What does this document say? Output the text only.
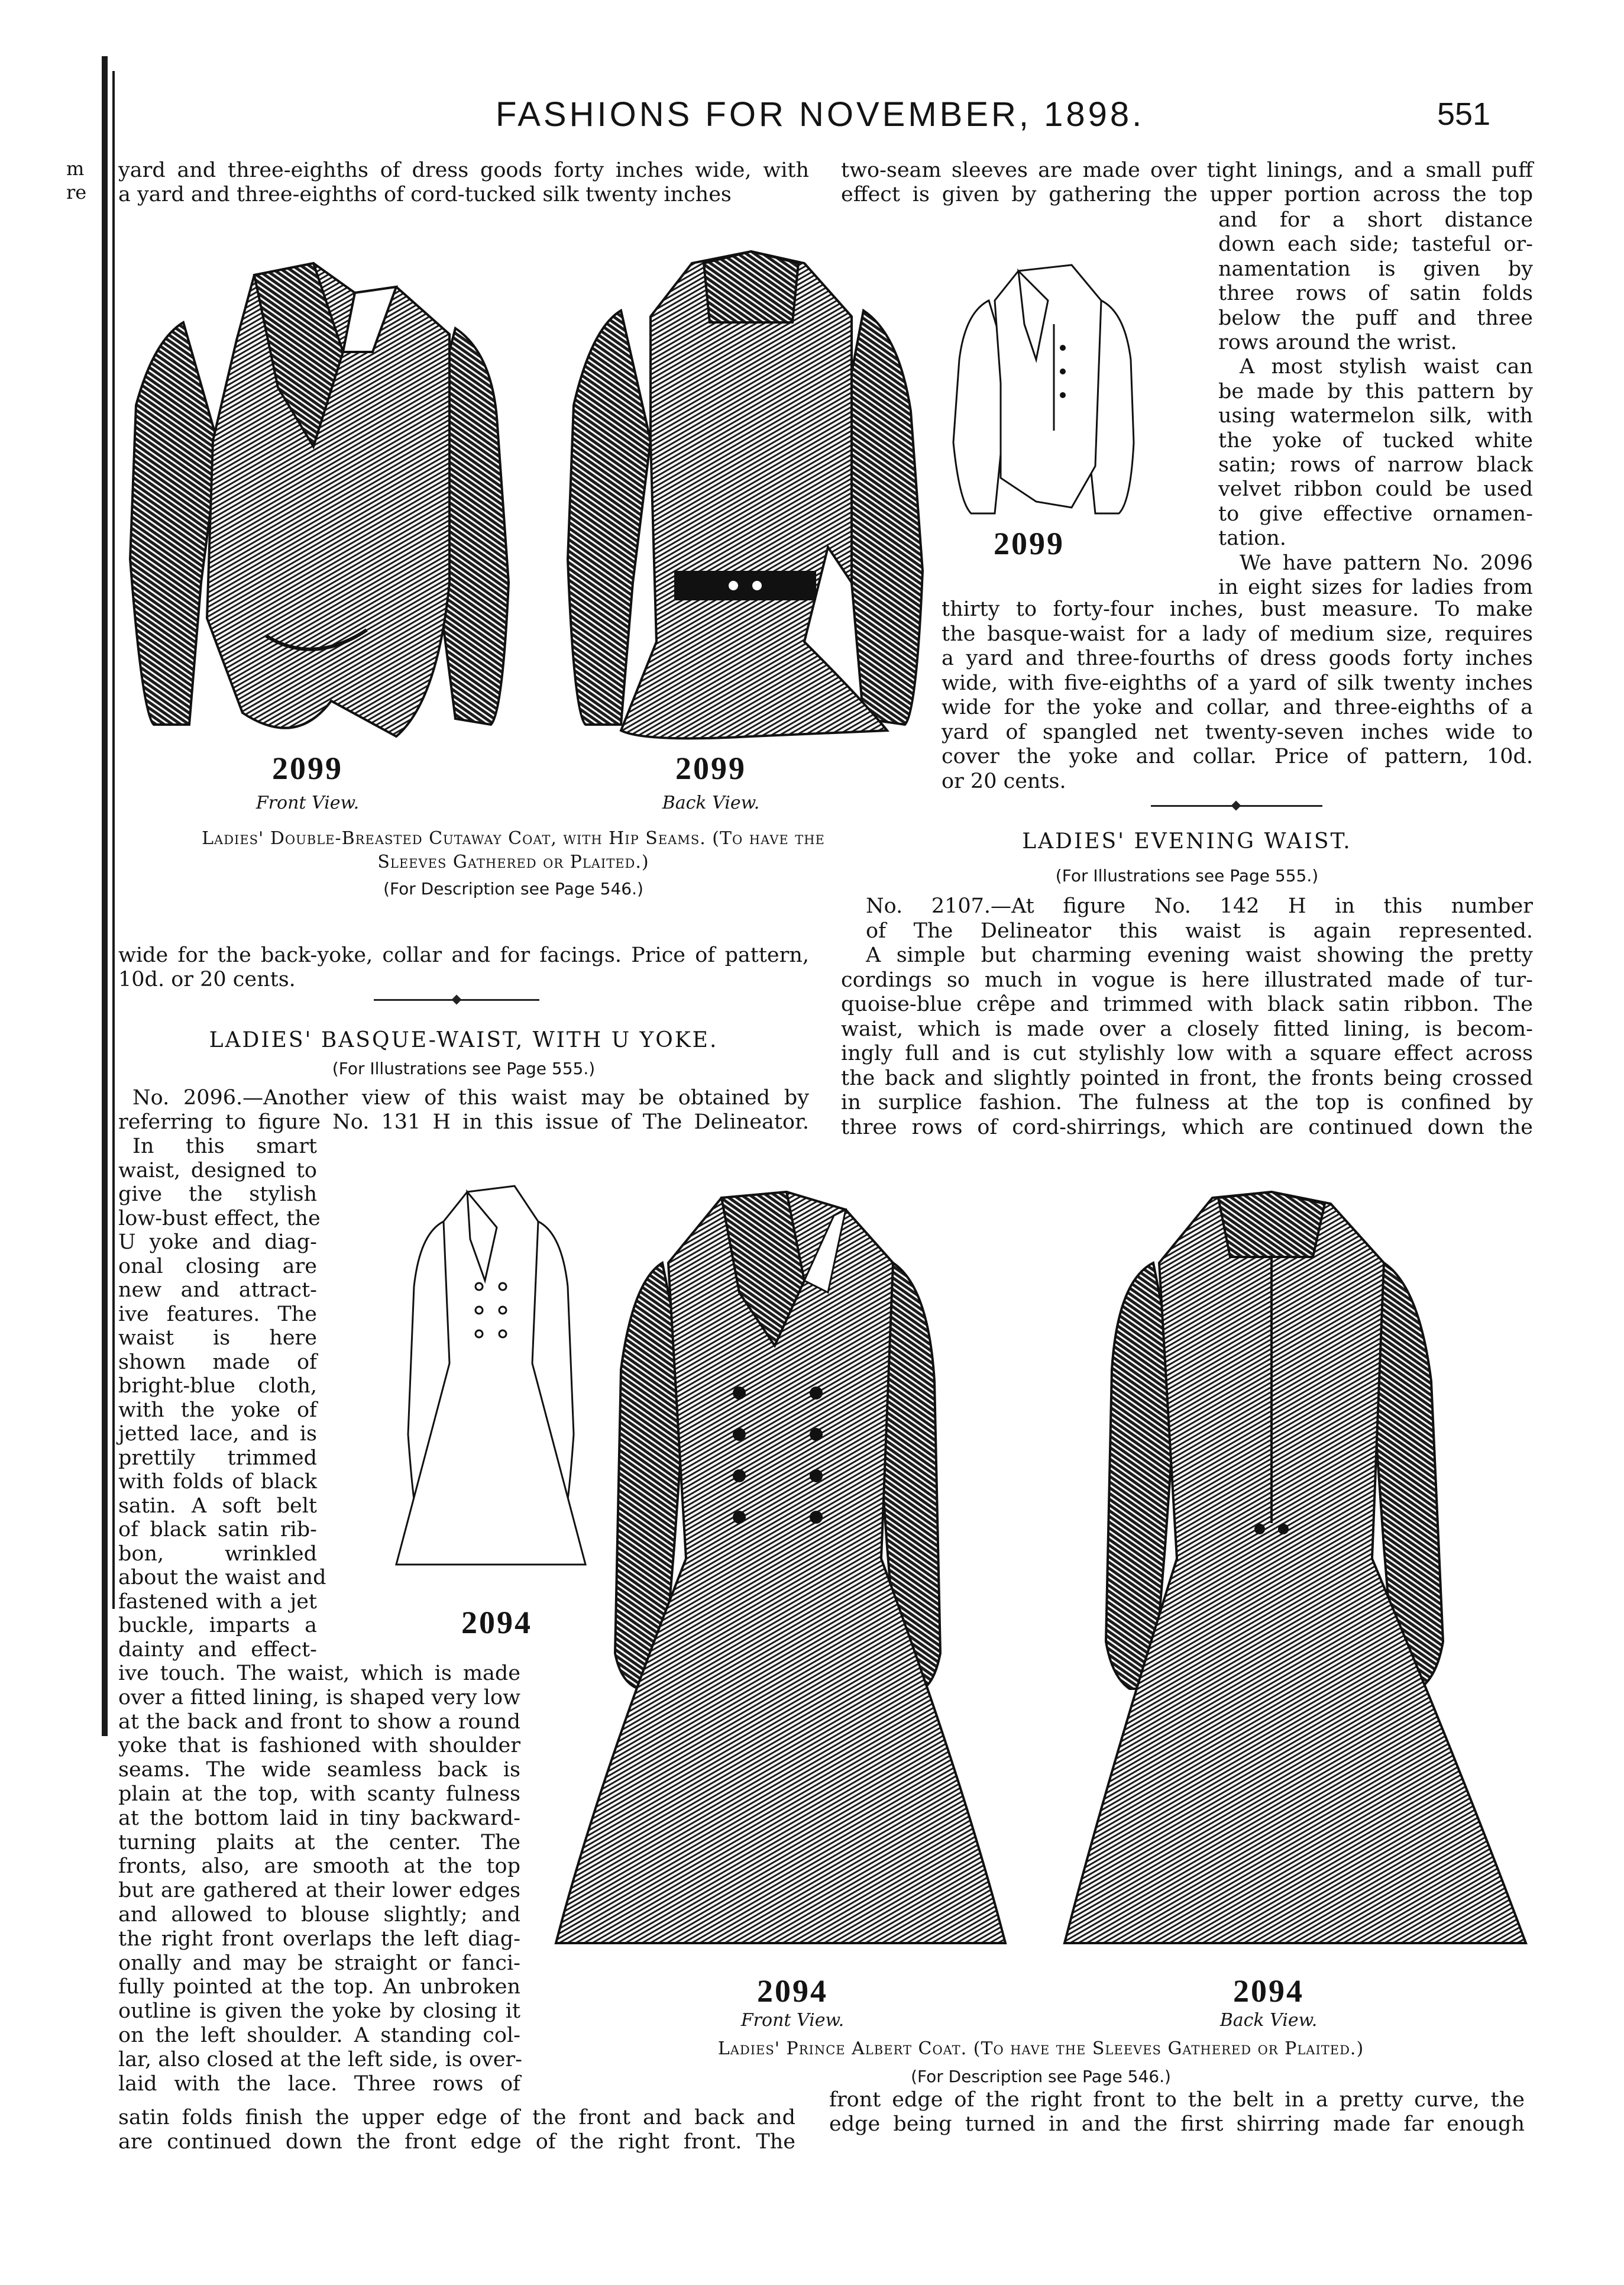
m
re
FASHIONS FOR NOVEMBER, 1898.	551
yard and three-eighths of dress goods forty inches wide, with
a yard and three-eighths of cord-tucked silk twenty inches
two-seam sleeves are made over tight linings, and a small puff
effect is given by gathering the upper portion across the top
and for a short distance
down each side; tasteful or-
namentation is given by
three rows of satin folds
below the puff and three
rows around the wrist.
A most stylish waist can
be made by this pattern by
using watermelon silk, with
the yoke of tucked white
satin; rows of narrow black
velvet ribbon could be used
to give effective ornamen-
tation.
We have pattern No. 2096
in eight sizes for ladies from
thirty to forty-four inches, bust measure. To make
the basque-waist for a lady of medium size, requires
a yard and three-fourths of dress goods forty inches
wide, with five-eighths of a yard of silk twenty inches
wide for the yoke and collar, and three-eighths of a
yard of spangled net twenty-seven inches wide to
cover the yoke and collar. Price of pattern, 10d.
or 20 cents.
2099
Front View.
2099
Back View.
2099
Ladies' Double-Breasted Cutaway Coat, with Hip Seams. (To have the
Sleeves Gathered or Plaited.)
(For Description see Page 546.)
wide for the back-yoke, collar and for facings. Price of pattern,
10d. or 20 cents.
LADIES' BASQUE-WAIST, WITH U YOKE.
(For Illustrations see Page 555.)
No. 2096.—Another view of this waist may be obtained by
referring to figure No. 131 H in this issue of The Delineator.
In this smart
waist, designed to
give the stylish
low-bust effect, the
U yoke and diag-
onal closing are
new and attract-
ive features. The
waist is here
shown made of
bright-blue cloth,
with the yoke of
jetted lace, and is
prettily trimmed
with folds of black
satin. A soft belt
of black satin rib-
bon, wrinkled
about the waist and
fastened with a jet
buckle, imparts a
dainty and effect-
ive touch. The waist, which is made
over a fitted lining, is shaped very low
at the back and front to show a round
yoke that is fashioned with shoulder
seams. The wide seamless back is
plain at the top, with scanty fulness
at the bottom laid in tiny backward-
turning plaits at the center. The
fronts, also, are smooth at the top
but are gathered at their lower edges
and allowed to blouse slightly; and
the right front overlaps the left diag-
onally and may be straight or fanci-
fully pointed at the top. An unbroken
outline is given the yoke by closing it
on the left shoulder. A standing col-
lar, also closed at the left side, is over-
laid with the lace. Three rows of
satin folds finish the upper edge of the front and back and
are continued down the front edge of the right front. The
LADIES' EVENING WAIST.
(For Illustrations see Page 555.)
No. 2107.—At figure No. 142 H in this number
of The Delineator this waist is again represented.
A simple but charming evening waist showing the pretty
cordings so much in vogue is here illustrated made of tur-
quoise-blue crêpe and trimmed with black satin ribbon. The
waist, which is made over a closely fitted lining, is becom-
ingly full and is cut stylishly low with a square effect across
the back and slightly pointed in front, the fronts being crossed
in surplice fashion. The fulness at the top is confined by
three rows of cord-shirrings, which are continued down the
front edge of the right front to the belt in a pretty curve, the
edge being turned in and the first shirring made far enough
2094
2094
Front View.
2094
Back View.
Ladies' Prince Albert Coat. (To have the Sleeves Gathered or Plaited.)
(For Description see Page 546.)
